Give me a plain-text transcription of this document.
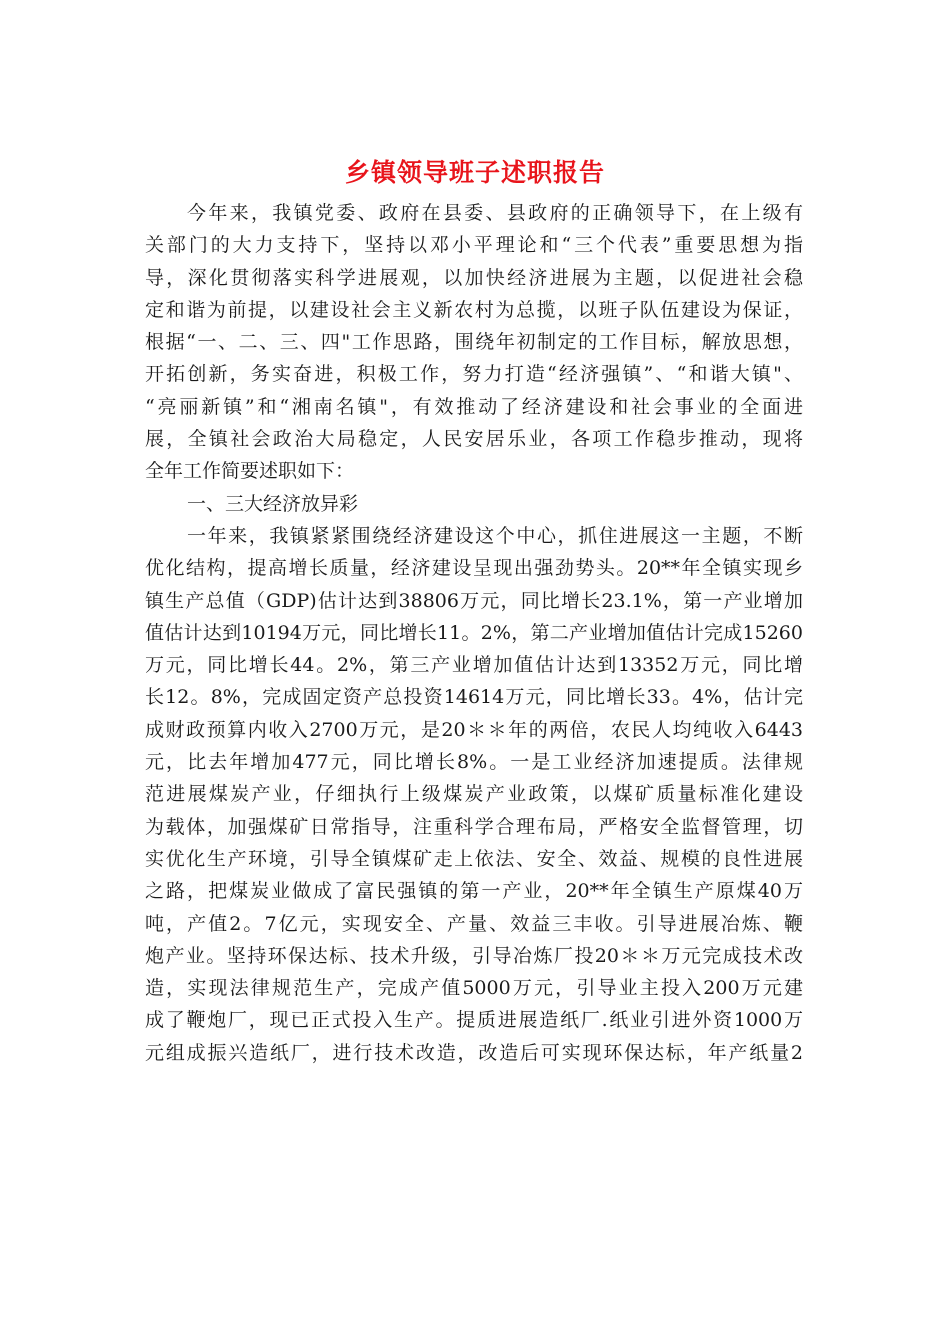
乡镇领导班子述职报告
今年来，我镇党委、政府在县委、县政府的正确领导下，在上级有
关部门的大力支持下，坚持以邓小平理论和“三个代表”重要思想为指
导，深化贯彻落实科学进展观，以加快经济进展为主题，以促进社会稳
定和谐为前提，以建设社会主义新农村为总揽，以班子队伍建设为保证，
根据“一、二、三、四"工作思路，围绕年初制定的工作目标，解放思想，
开拓创新，务实奋进，积极工作，努力打造“经济强镇”、“和谐大镇"、
“亮丽新镇”和“湘南名镇"，有效推动了经济建设和社会事业的全面进
展，全镇社会政治大局稳定，人民安居乐业，各项工作稳步推动，现将
全年工作简要述职如下：
一、三大经济放异彩
一年来，我镇紧紧围绕经济建设这个中心，抓住进展这一主题，不断
优化结构，提高增长质量，经济建设呈现出强劲势头。20**年全镇实现乡
镇生产总值（GDP)估计达到38806万元，同比增长23.1%，第一产业增加
值估计达到10194万元，同比增长11。2%，第二产业增加值估计完成15260
万元，同比增长44。2%，第三产业增加值估计达到13352万元，同比增
长12。8%，完成固定资产总投资14614万元，同比增长33。4%，估计完
成财政预算内收入2700万元，是20＊＊年的两倍，农民人均纯收入6443
元，比去年增加477元，同比增长8%。一是工业经济加速提质。法律规
范进展煤炭产业，仔细执行上级煤炭产业政策，以煤矿质量标准化建设
为载体，加强煤矿日常指导，注重科学合理布局，严格安全监督管理，切
实优化生产环境，引导全镇煤矿走上依法、安全、效益、规模的良性进展
之路，把煤炭业做成了富民强镇的第一产业，20**年全镇生产原煤40万
吨，产值2。7亿元，实现安全、产量、效益三丰收。引导进展冶炼、鞭
炮产业。坚持环保达标、技术升级，引导冶炼厂投20＊＊万元完成技术改
造，实现法律规范生产，完成产值5000万元，引导业主投入200万元建
成了鞭炮厂，现已正式投入生产。提质进展造纸厂.纸业引进外资1000万
元组成振兴造纸厂，进行技术改造，改造后可实现环保达标，年产纸量2
